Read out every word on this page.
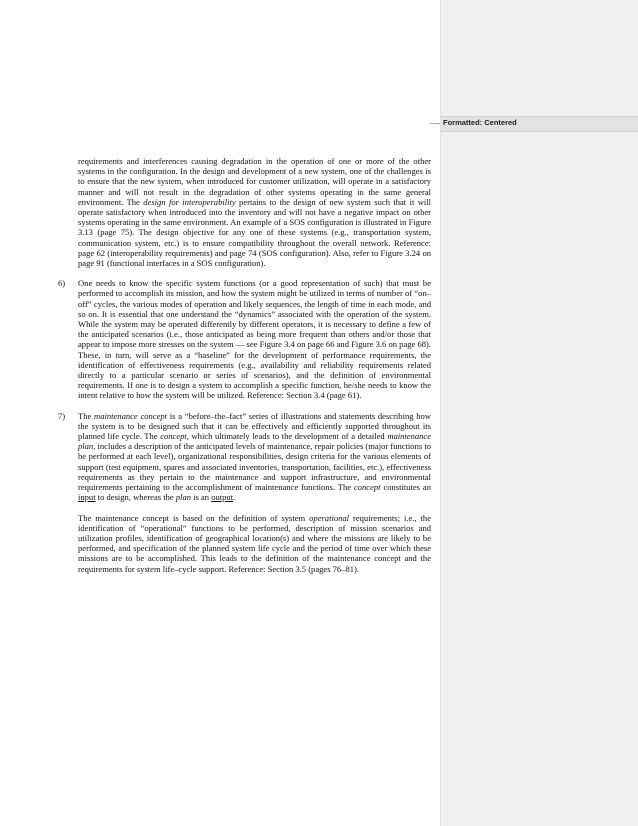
Formatted: Centered

requirements and interferences causing degradation in the operation of one or more of the other systems in the configuration. In the design and development of a new system, one of the challenges is to ensure that the new system, when introduced for customer utilization, will operate in a satisfactory manner and will not result in the degradation of other systems operating in the same general environment. The design for interoperability pertains to the design of new system such that it will operate satisfactory when introduced into the inventory and will not have a negative impact on other systems operating in the same environment. An example of a SOS configuration is illustrated in Figure 3.13 (page 75). The design objective for any one of these systems (e.g., transportation system, communication system, etc.) is to ensure compatibility throughout the overall network. Reference: page 62 (interoperability requirements) and page 74 (SOS configuration). Also, refer to Figure 3.24 on page 91 (functional interfaces in a SOS configuration).

6)	One needs to know the specific system functions (or a good representation of such) that must be performed to accomplish its mission, and how the system might be utilized in terms of number of “on–off” cycles, the various modes of operation and likely sequences, the length of time in each mode, and so on. It is essential that one understand the “dynamics” associated with the operation of the system. While the system may be operated differently by different operators, it is necessary to define a few of the anticipated scenarios (i.e., those anticipated as being more frequent than others and/or those that appear to impose more stresses on the system — see Figure 3.4 on page 66 and Figure 3.6 on page 68). These, in turn, will serve as a “baseline” for the development of performance requirements, the identification of effectiveness requirements (e.g., availability and reliability requirements related directly to a particular scenario or series of scenarios), and the definition of environmental requirements. If one is to design a system to accomplish a specific function, he/she needs to know the intent relative to how the system will be utilized. Reference: Section 3.4 (page 61).

7)	The maintenance concept is a “before–the–fact” series of illustrations and statements describing how the system is to be designed such that it can be effectively and efficiently supported throughout its planned life cycle. The concept, which ultimately leads to the development of a detailed maintenance plan, includes a description of the anticipated levels of maintenance, repair policies (major functions to be performed at each level), organizational responsibilities, design criteria for the various elements of support (test equipment, spares and associated inventories, transportation, facilities, etc.), effectiveness requirements as they pertain to the maintenance and support infrastructure, and environmental requirements pertaining to the accomplishment of maintenance functions. The concept constitutes an input to design, whereas the plan is an output.

The maintenance concept is based on the definition of system operational requirements; i.e., the identification of “operational” functions to be performed, description of mission scenarios and utilization profiles, identification of geographical location(s) and where the missions are likely to be performed, and specification of the planned system life cycle and the period of time over which these missions are to be accomplished. This leads to the definition of the maintenance concept and the requirements for system life–cycle support. Reference: Section 3.5 (pages 76–81).
